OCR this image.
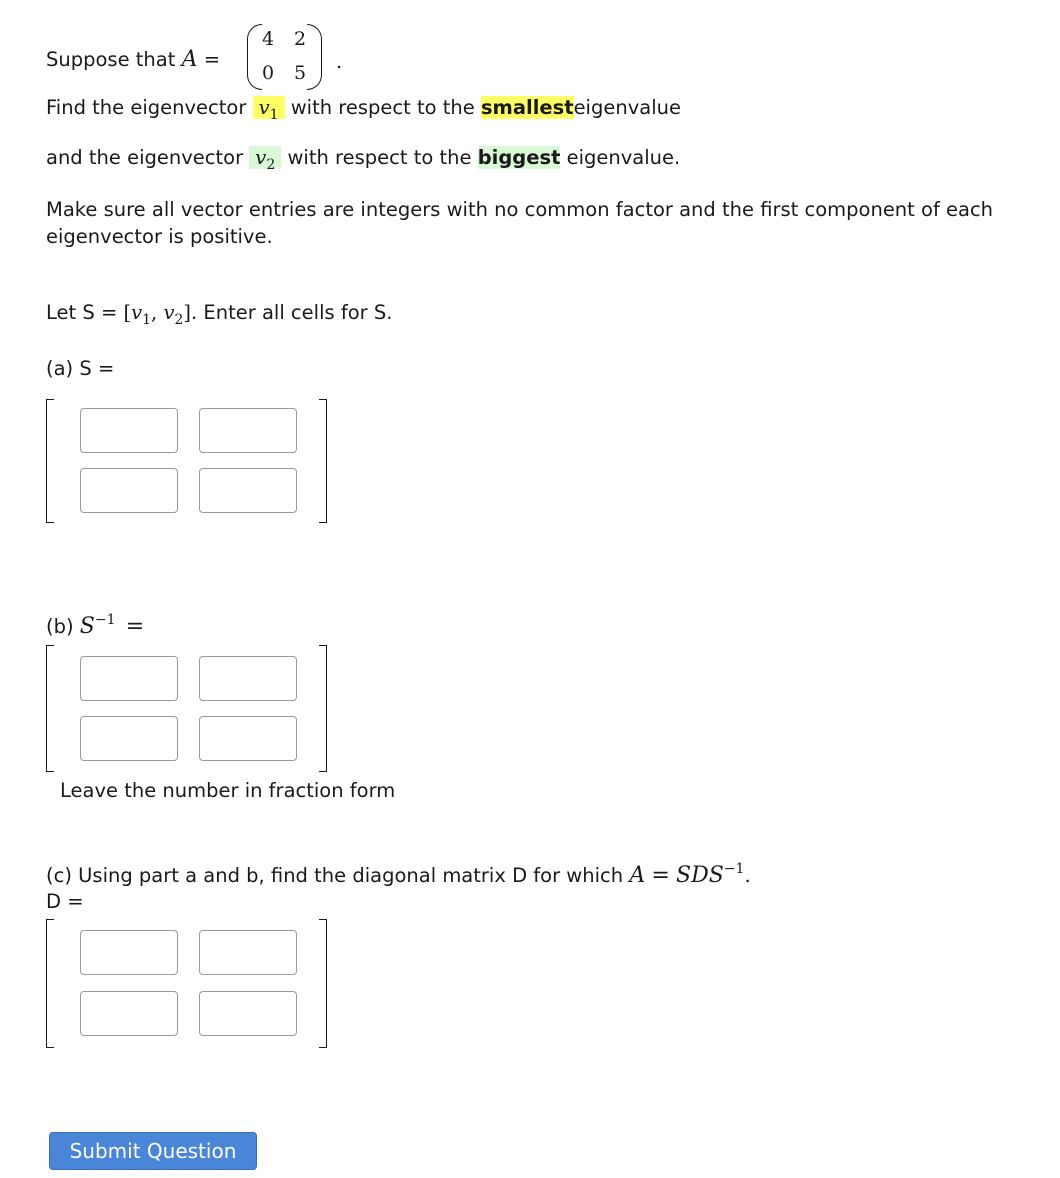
Suppose that A =
4 2
0 5 .
Find the eigenvector $v_1$ with respect to the smallesteigenvalue
and the eigenvector $v_2$ with respect to the biggest eigenvalue.
Make sure all vector entries are integers with no common factor and the first component of each
eigenvector is positive.
Let $S = [v_1$, $v_2$]. Enter all cells for S.
(a) S =
(b) $S^{-1}$ =
Leave the number in fraction form
(c) Using part a and b, find the diagonal matrix D for which $A = SDS^{-1}$.
D =
Submit Question
